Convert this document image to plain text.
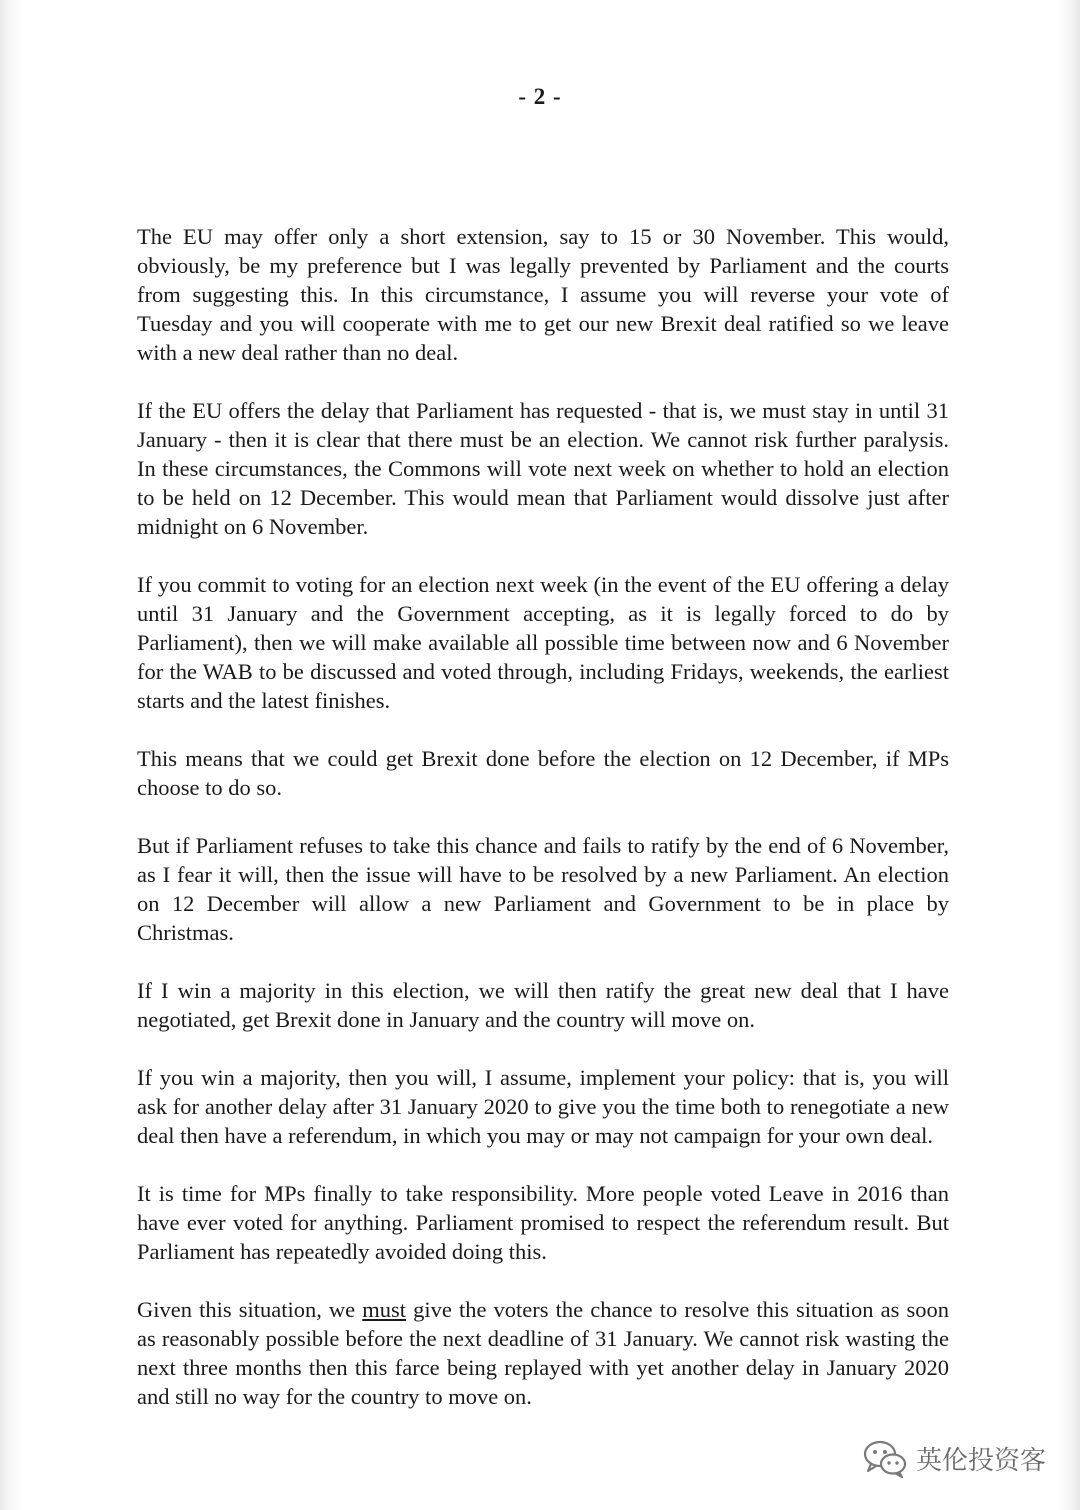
- 2 -

The EU may offer only a short extension, say to 15 or 30 November. This would, obviously, be my preference but I was legally prevented by Parliament and the courts from suggesting this. In this circumstance, I assume you will reverse your vote of Tuesday and you will cooperate with me to get our new Brexit deal ratified so we leave with a new deal rather than no deal.

If the EU offers the delay that Parliament has requested - that is, we must stay in until 31 January - then it is clear that there must be an election. We cannot risk further paralysis. In these circumstances, the Commons will vote next week on whether to hold an election to be held on 12 December. This would mean that Parliament would dissolve just after midnight on 6 November.

If you commit to voting for an election next week (in the event of the EU offering a delay until 31 January and the Government accepting, as it is legally forced to do by Parliament), then we will make available all possible time between now and 6 November for the WAB to be discussed and voted through, including Fridays, weekends, the earliest starts and the latest finishes.

This means that we could get Brexit done before the election on 12 December, if MPs choose to do so.

But if Parliament refuses to take this chance and fails to ratify by the end of 6 November, as I fear it will, then the issue will have to be resolved by a new Parliament. An election on 12 December will allow a new Parliament and Government to be in place by Christmas.

If I win a majority in this election, we will then ratify the great new deal that I have negotiated, get Brexit done in January and the country will move on.

If you win a majority, then you will, I assume, implement your policy: that is, you will ask for another delay after 31 January 2020 to give you the time both to renegotiate a new deal then have a referendum, in which you may or may not campaign for your own deal.

It is time for MPs finally to take responsibility. More people voted Leave in 2016 than have ever voted for anything. Parliament promised to respect the referendum result. But Parliament has repeatedly avoided doing this.

Given this situation, we must give the voters the chance to resolve this situation as soon as reasonably possible before the next deadline of 31 January. We cannot risk wasting the next three months then this farce being replayed with yet another delay in January 2020 and still no way for the country to move on.

英伦投资客
